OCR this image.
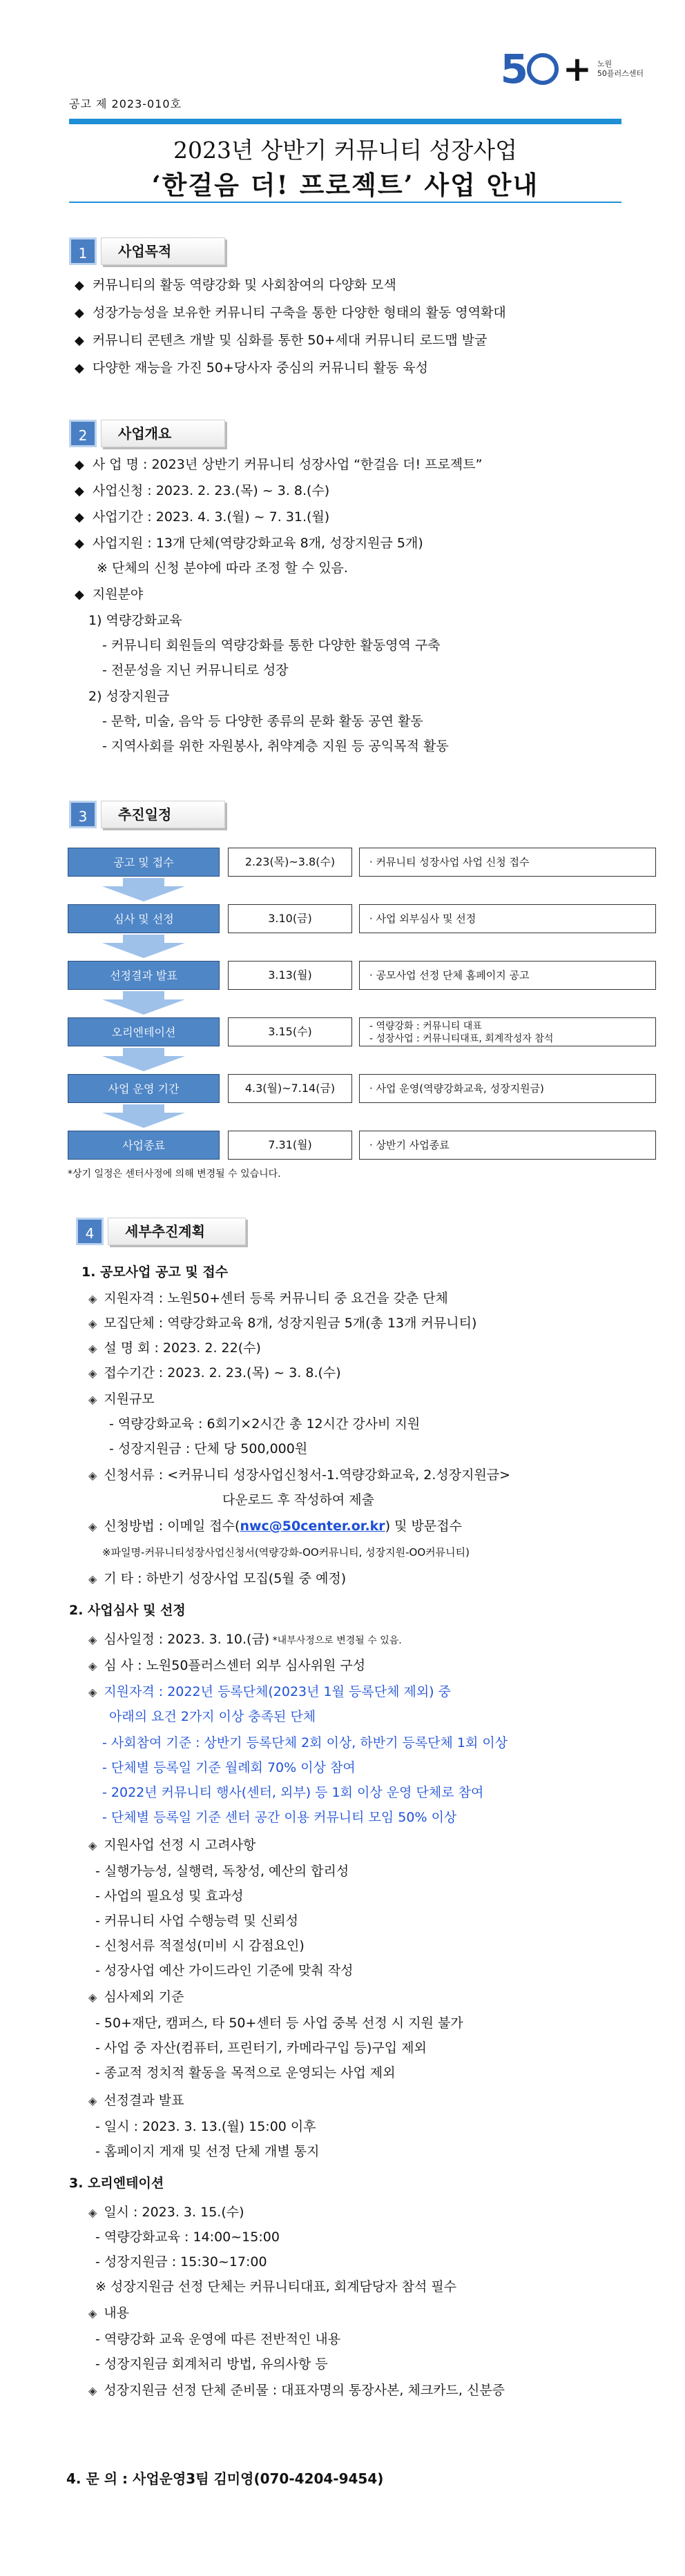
5 + 노원
50플러스센터
공고 제 2023-010호
2023년 상반기 커뮤니티 성장사업
‘한걸음 더! 프로젝트’ 사업 안내
1	사업목적
◆ 커뮤니티의 활동 역량강화 및 사회참여의 다양화 모색
◆ 성장가능성을 보유한 커뮤니티 구축을 통한 다양한 형태의 활동 영역확대
◆ 커뮤니티 콘텐츠 개발 및 심화를 통한 50+세대 커뮤니티 로드맵 발굴
◆ 다양한 재능을 가진 50+당사자 중심의 커뮤니티 활동 육성
2	사업개요
◆ 사 업 명 : 2023년 상반기 커뮤니티 성장사업 “한걸음 더! 프로젝트”
◆ 사업신청 : 2023. 2. 23.(목) ~ 3. 8.(수)
◆ 사업기간 : 2023. 4. 3.(월) ~ 7. 31.(월)
◆ 사업지원 : 13개 단체(역량강화교육 8개, 성장지원금 5개)
※ 단체의 신청 분야에 따라 조정 할 수 있음.
◆ 지원분야
1) 역량강화교육
- 커뮤니티 회원들의 역량강화를 통한 다양한 활동영역 구축
- 전문성을 지닌 커뮤니티로 성장
2) 성장지원금
- 문학, 미술, 음악 등 다양한 종류의 문화 활동 공연 활동
- 지역사회를 위한 자원봉사, 취약계층 지원 등 공익목적 활동
3	추진일정
공고 및 접수	2.23(목)~3.8(수)	· 커뮤니티 성장사업 사업 신청 접수
심사 및 선정	3.10(금)	· 사업 외부심사 및 선정
선정결과 발표	3.13(월)	· 공모사업 선정 단체 홈페이지 공고
오리엔테이션	3.15(수)	- 역량강화 : 커뮤니티 대표
- 성장사업 : 커뮤니티대표, 회계작성자 참석
사업 운영 기간	4.3(월)~7.14(금)	· 사업 운영(역량강화교육, 성장지원금)
사업종료	7.31(월)	· 상반기 사업종료
*상기 일정은 센터사정에 의해 변경될 수 있습니다.
4	세부추진계획
1. 공모사업 공고 및 접수
◈ 지원자격 : 노원50+센터 등록 커뮤니티 중 요건을 갖춘 단체
◈ 모집단체 : 역량강화교육 8개, 성장지원금 5개(총 13개 커뮤니티)
◈ 설 명 회 : 2023. 2. 22(수)
◈ 접수기간 : 2023. 2. 23.(목) ~ 3. 8.(수)
◈ 지원규모
- 역량강화교육 : 6회기×2시간 총 12시간 강사비 지원
- 성장지원금 : 단체 당 500,000원
◈ 신청서류 : <커뮤니티 성장사업신청서-1.역량강화교육, 2.성장지원금>
다운로드 후 작성하여 제출
◈ 신청방법 : 이메일 접수(nwc@50center.or.kr) 및 방문접수
※파일명-커뮤니티성장사업신청서(역량강화-OO커뮤니티, 성장지원-OO커뮤니티)
◈ 기 타 : 하반기 성장사업 모집(5월 중 예정)
2. 사업심사 및 선정
◈ 심사일정 : 2023. 3. 10.(금) *내부사정으로 변경될 수 있음.
◈ 심 사 : 노원50플러스센터 외부 심사위원 구성
◈ 지원자격 : 2022년 등록단체(2023년 1월 등록단체 제외) 중
아래의 요건 2가지 이상 충족된 단체
- 사회참여 기준 : 상반기 등록단체 2회 이상, 하반기 등록단체 1회 이상
- 단체별 등록일 기준 월례회 70% 이상 참여
- 2022년 커뮤니티 행사(센터, 외부) 등 1회 이상 운영 단체로 참여
- 단체별 등록일 기준 센터 공간 이용 커뮤니티 모임 50% 이상
◈ 지원사업 선정 시 고려사항
- 실행가능성, 실행력, 독창성, 예산의 합리성
- 사업의 필요성 및 효과성
- 커뮤니티 사업 수행능력 및 신뢰성
- 신청서류 적절성(미비 시 감점요인)
- 성장사업 예산 가이드라인 기준에 맞춰 작성
◈ 심사제외 기준
- 50+재단, 캠퍼스, 타 50+센터 등 사업 중복 선정 시 지원 불가
- 사업 중 자산(컴퓨터, 프린터기, 카메라구입 등)구입 제외
- 종교적 정치적 활동을 목적으로 운영되는 사업 제외
◈ 선정결과 발표
- 일시 : 2023. 3. 13.(월) 15:00 이후
- 홈페이지 게재 및 선정 단체 개별 통지
3. 오리엔테이션
◈ 일시 : 2023. 3. 15.(수)
- 역량강화교육 : 14:00~15:00
- 성장지원금 : 15:30~17:00
※ 성장지원금 선정 단체는 커뮤니티대표, 회계담당자 참석 필수
◈ 내용
- 역량강화 교육 운영에 따른 전반적인 내용
- 성장지원금 회계처리 방법, 유의사항 등
◈ 성장지원금 선정 단체 준비물 : 대표자명의 통장사본, 체크카드, 신분증
4. 문 의 : 사업운영3팀 김미영(070-4204-9454)
